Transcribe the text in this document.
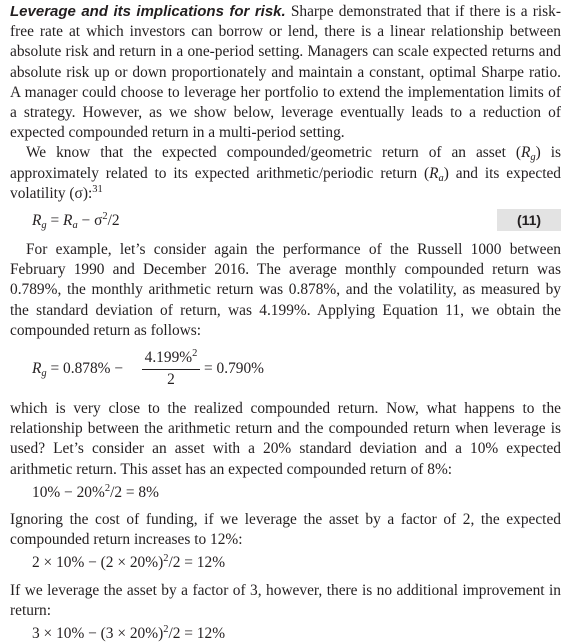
Leverage and its implications for risk. Sharpe demonstrated that if there is a risk-free rate at which investors can borrow or lend, there is a linear relationship between absolute risk and return in a one-period setting. Managers can scale expected returns and absolute risk up or down proportionately and maintain a constant, optimal Sharpe ratio. A manager could choose to leverage her portfolio to extend the implementation limits of a strategy. However, as we show below, leverage eventually leads to a reduction of expected compounded return in a multi-period setting.

We know that the expected compounded/geometric return of an asset $(R_g)$ is approximately related to its expected arithmetic/periodic return $(R_a)$ and its expected volatility (σ):$^{31}$

$R_g = R_a - \sigma^2/2$	(11)

For example, let’s consider again the performance of the Russell 1000 between February 1990 and December 2016. The average monthly compounded return was 0.789%, the monthly arithmetic return was 0.878%, and the volatility, as measured by the standard deviation of return, was 4.199%. Applying Equation 11, we obtain the compounded return as follows:

$R_g = 0.878\% - \frac{4.199\%^2}{2} = 0.790\%$

which is very close to the realized compounded return. Now, what happens to the relationship between the arithmetic return and the compounded return when leverage is used? Let’s consider an asset with a 20% standard deviation and a 10% expected arithmetic return. This asset has an expected compounded return of 8%:

10% − 20%$^2$/2 = 8%

Ignoring the cost of funding, if we leverage the asset by a factor of 2, the expected compounded return increases to 12%:

$2 \times 10\% - (2 \times 20\%)^2/2 = 12\%$

If we leverage the asset by a factor of 3, however, there is no additional improvement in return:

$3 \times 10\% - (3 \times 20\%)^2/2 = 12\%$
